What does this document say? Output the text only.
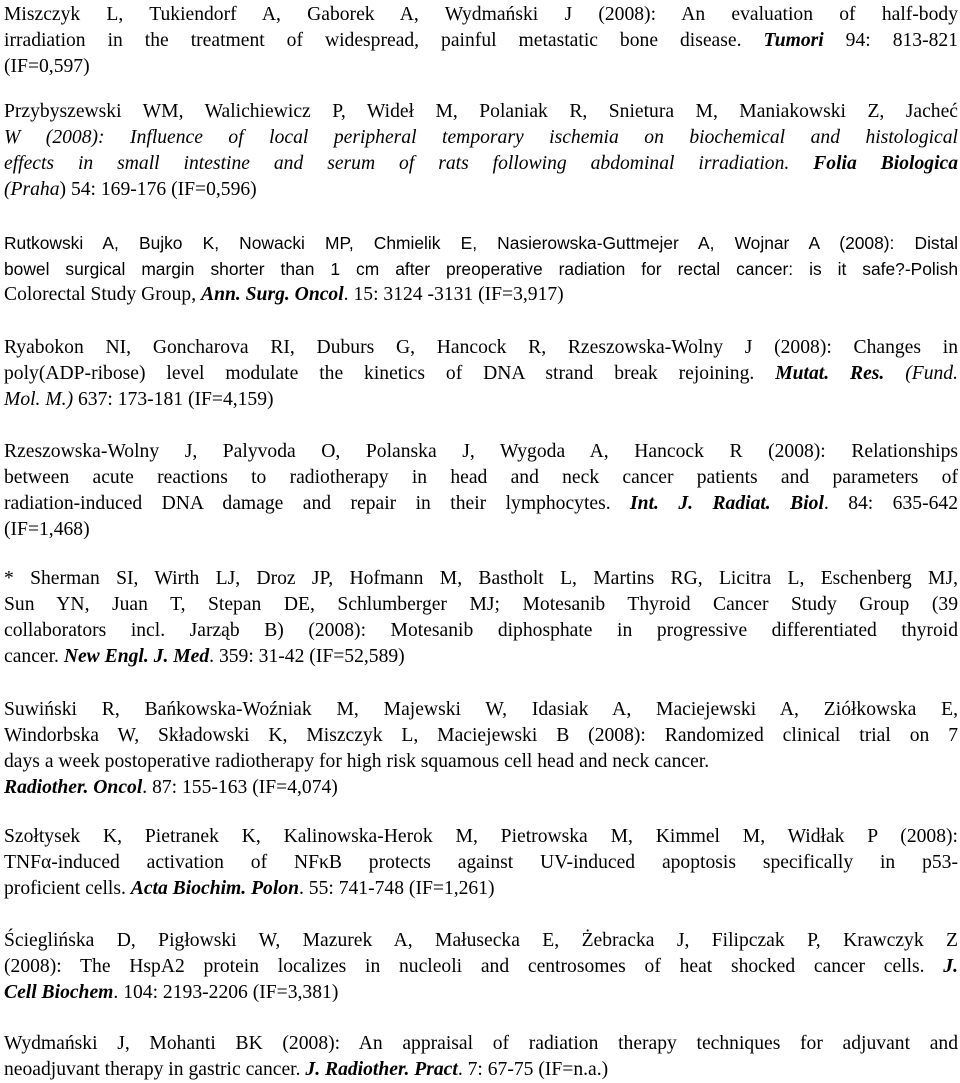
Miszczyk L, Tukiendorf A, Gaborek A, Wydmański J (2008): An evaluation of half-body
irradiation in the treatment of widespread, painful metastatic bone disease. Tumori 94: 813-821
(IF=0,597)
Przybyszewski WM, Walichiewicz P, Wideł M, Polaniak R, Snietura M, Maniakowski Z, Jacheć
W (2008): Influence of local peripheral temporary ischemia on biochemical and histological
effects in small intestine and serum of rats following abdominal irradiation. Folia Biologica
(Praha) 54: 169-176 (IF=0,596)
Rutkowski A, Bujko K, Nowacki MP, Chmielik E, Nasierowska-Guttmejer A, Wojnar A (2008): Distal
bowel surgical margin shorter than 1 cm after preoperative radiation for rectal cancer: is it safe?-Polish
Colorectal Study Group, Ann. Surg. Oncol. 15: 3124 -3131 (IF=3,917)
Ryabokon NI, Goncharova RI, Duburs G, Hancock R, Rzeszowska-Wolny J (2008): Changes in
poly(ADP-ribose) level modulate the kinetics of DNA strand break rejoining. Mutat. Res. (Fund.
Mol. M.) 637: 173-181 (IF=4,159)
Rzeszowska-Wolny J, Palyvoda O, Polanska J, Wygoda A, Hancock R (2008): Relationships
between acute reactions to radiotherapy in head and neck cancer patients and parameters of
radiation-induced DNA damage and repair in their lymphocytes. Int. J. Radiat. Biol. 84: 635-642
(IF=1,468)
* Sherman SI, Wirth LJ, Droz JP, Hofmann M, Bastholt L, Martins RG, Licitra L, Eschenberg MJ,
Sun YN, Juan T, Stepan DE, Schlumberger MJ; Motesanib Thyroid Cancer Study Group (39
collaborators incl. Jarząb B) (2008): Motesanib diphosphate in progressive differentiated thyroid
cancer. New Engl. J. Med. 359: 31-42 (IF=52,589)
Suwiński R, Bańkowska-Woźniak M, Majewski W, Idasiak A, Maciejewski A, Ziółkowska E,
Windorbska W, Składowski K, Miszczyk L, Maciejewski B (2008): Randomized clinical trial on 7
days a week postoperative radiotherapy for high risk squamous cell head and neck cancer.
Radiother. Oncol. 87: 155-163 (IF=4,074)
Szołtysek K, Pietranek K, Kalinowska-Herok M, Pietrowska M, Kimmel M, Widłak P (2008):
TNFα-induced activation of NFκB protects against UV-induced apoptosis specifically in p53-
proficient cells. Acta Biochim. Polon. 55: 741-748 (IF=1,261)
Ścieglińska D, Pigłowski W, Mazurek A, Małusecka E, Żebracka J, Filipczak P, Krawczyk Z
(2008): The HspA2 protein localizes in nucleoli and centrosomes of heat shocked cancer cells. J.
Cell Biochem. 104: 2193-2206 (IF=3,381)
Wydmański J, Mohanti BK (2008): An appraisal of radiation therapy techniques for adjuvant and
neoadjuvant therapy in gastric cancer. J. Radiother. Pract. 7: 67-75 (IF=n.a.)
